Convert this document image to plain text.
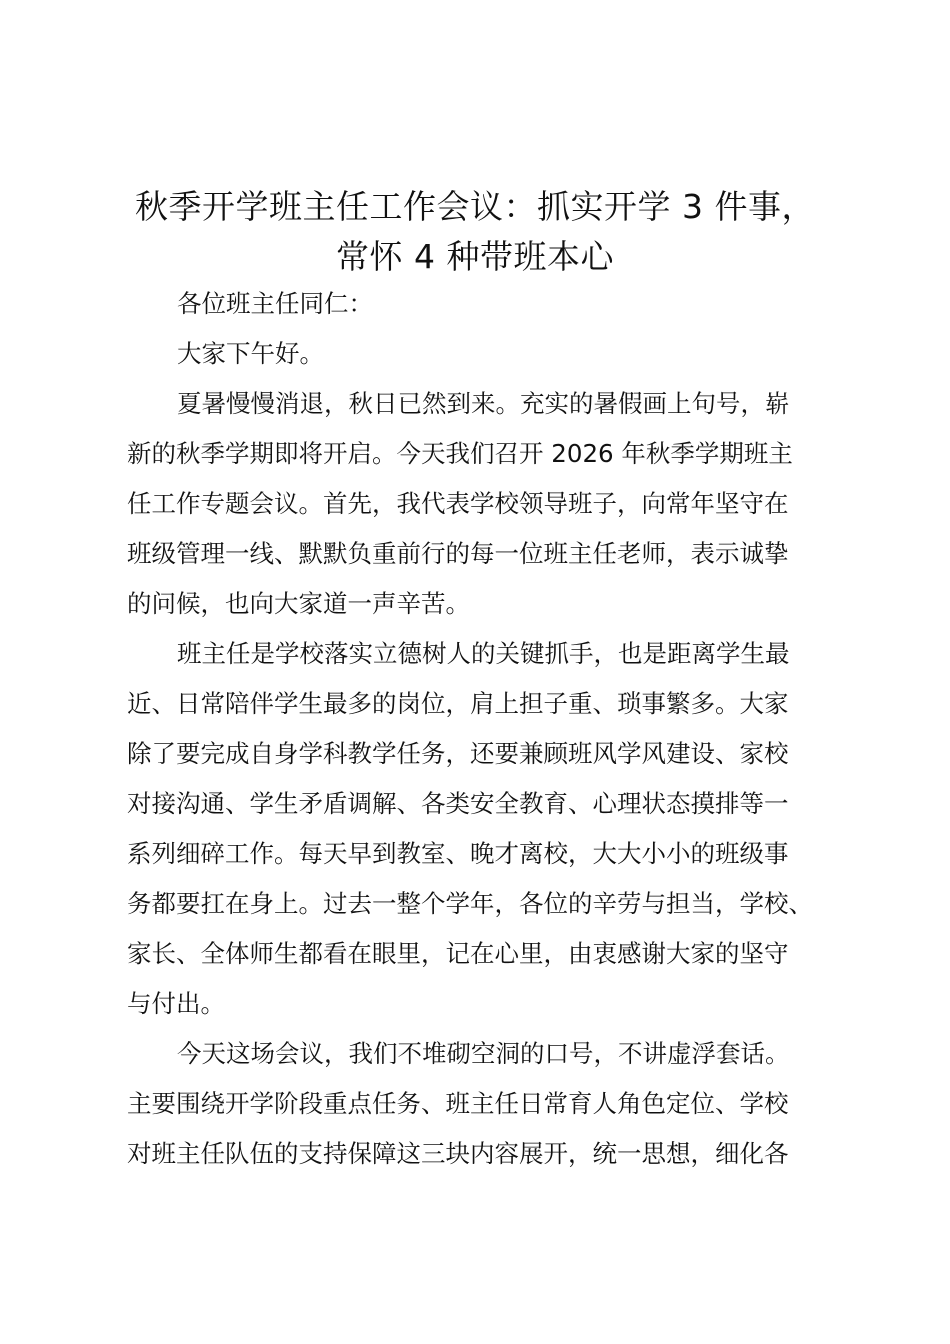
秋季开学班主任工作会议：抓实开学 3 件事，
常怀 4 种带班本心
各位班主任同仁：
大家下午好。
夏暑慢慢消退，秋日已然到来。充实的暑假画上句号，崭
新的秋季学期即将开启。今天我们召开 2026 年秋季学期班主
任工作专题会议。首先，我代表学校领导班子，向常年坚守在
班级管理一线、默默负重前行的每一位班主任老师，表示诚挚
的问候，也向大家道一声辛苦。
班主任是学校落实立德树人的关键抓手，也是距离学生最
近、日常陪伴学生最多的岗位，肩上担子重、琐事繁多。大家
除了要完成自身学科教学任务，还要兼顾班风学风建设、家校
对接沟通、学生矛盾调解、各类安全教育、心理状态摸排等一
系列细碎工作。每天早到教室、晚才离校，大大小小的班级事
务都要扛在身上。过去一整个学年，各位的辛劳与担当，学校、
家长、全体师生都看在眼里，记在心里，由衷感谢大家的坚守
与付出。
今天这场会议，我们不堆砌空洞的口号，不讲虚浮套话。
主要围绕开学阶段重点任务、班主任日常育人角色定位、学校
对班主任队伍的支持保障这三块内容展开，统一思想，细化各
